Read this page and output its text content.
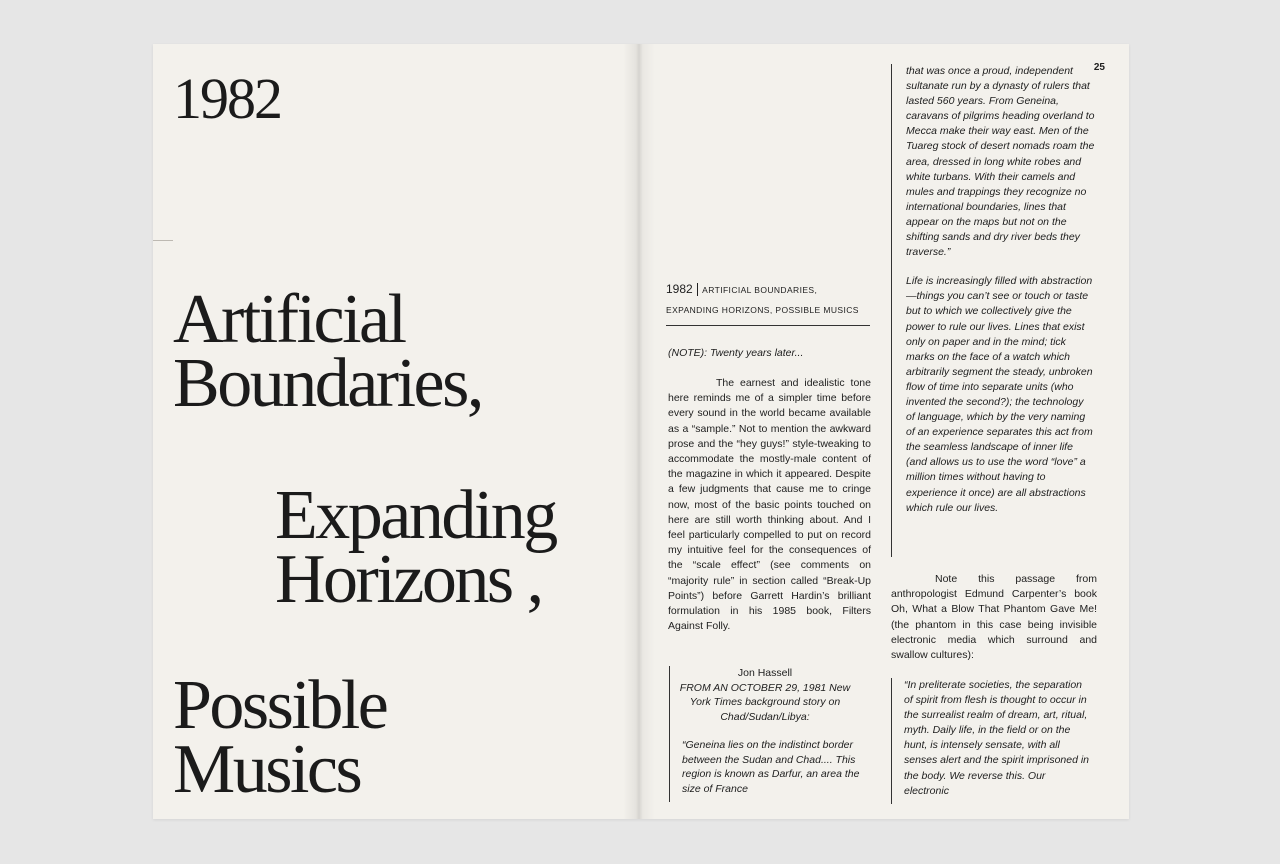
1982
Artificial
Boundaries,
Expanding
Horizons ,
Possible
Musics
25
1982 ARTIFICIAL BOUNDARIES,
EXPANDING HORIZONS, POSSIBLE MUSICS
(NOTE): Twenty years later...

The earnest and idealistic tone here reminds me of a simpler time before every sound in the world became available as a “sample.” Not to mention the awkward prose and the “hey guys!” style-tweaking to accommodate the mostly-male content of the magazine in which it appeared. Despite a few judgments that cause me to cringe now, most of the basic points touched on here are still worth thinking about. And I feel particularly compelled to put on record my intuitive feel for the consequences of the “scale effect” (see comments on “majority rule” in section called “Break-Up Points”) before Garrett Hardin’s brilliant formulation in his 1985 book, Filters Against Folly.

Jon Hassell
FROM AN OCTOBER 29, 1981 New York Times background story on Chad/Sudan/Libya:
“Geneina lies on the indistinct border between the Sudan and Chad.... This region is known as Darfur, an area the size of France

that was once a proud, independent sultanate run by a dynasty of rulers that lasted 560 years. From Geneina, caravans of pilgrims heading overland to Mecca make their way east. Men of the Tuareg stock of desert nomads roam the area, dressed in long white robes and white turbans. With their camels and mules and trappings they recognize no international boundaries, lines that appear on the maps but not on the shifting sands and dry river beds they traverse.”

Life is increasingly filled with abstraction—things you can’t see or touch or taste but to which we collectively give the power to rule our lives. Lines that exist only on paper and in the mind; tick marks on the face of a watch which arbitrarily segment the steady, unbroken flow of time into separate units (who invented the second?); the technology of language, which by the very naming of an experience separates this act from the seamless landscape of inner life (and allows us to use the word “love” a million times without having to experience it once) are all abstractions which rule our lives.

Note this passage from anthropologist Edmund Carpenter’s book Oh, What a Blow That Phantom Gave Me! (the phantom in this case being invisible electronic media which surround and swallow cultures):

“In preliterate societies, the separation of spirit from flesh is thought to occur in the surrealist realm of dream, art, ritual, myth. Daily life, in the field or on the hunt, is intensely sensate, with all senses alert and the spirit imprisoned in the body. We reverse this. Our electronic
